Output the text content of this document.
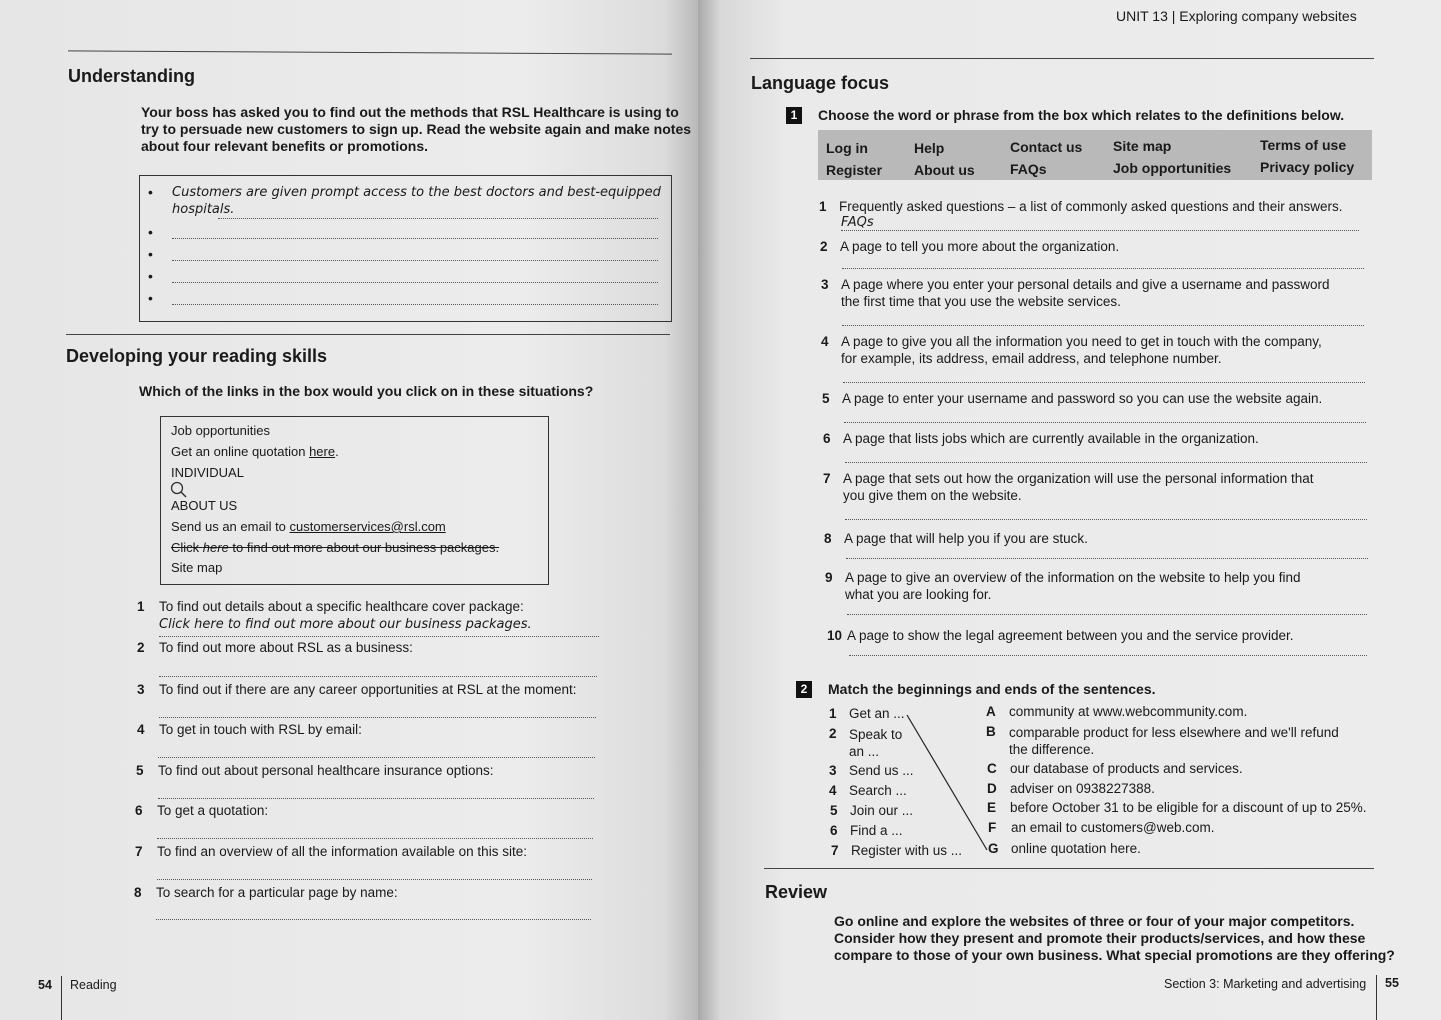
Understanding
Your boss has asked you to find out the methods that RSL Healthcare is using to
try to persuade new customers to sign up. Read the website again and make notes
about four relevant benefits or promotions.
• Customers are given prompt access to the best doctors and best-equipped
hospitals.
•
•
•
•
Developing your reading skills
Which of the links in the box would you click on in these situations?
Job opportunities
Get an online quotation here.
INDIVIDUAL
ABOUT US
Send us an email to customerservices@rsl.com
Click here to find out more about our business packages.
Site map
1 To find out details about a specific healthcare cover package:
Click here to find out more about our business packages.
2 To find out more about RSL as a business:
3 To find out if there are any career opportunities at RSL at the moment:
4 To get in touch with RSL by email:
5 To find out about personal healthcare insurance options:
6 To get a quotation:
7 To find an overview of all the information available on this site:
8 To search for a particular page by name:
54 Reading
UNIT 13 | Exploring company websites
Language focus
1	Choose the word or phrase from the box which relates to the definitions below.
Log in
Register
Help
About us
Contact us
FAQs
Site map
Job opportunities
Terms of use
Privacy policy
1 Frequently asked questions – a list of commonly asked questions and their answers.
FAQs
2 A page to tell you more about the organization.
3 A page where you enter your personal details and give a username and password
the first time that you use the website services.
4 A page to give you all the information you need to get in touch with the company,
for example, its address, email address, and telephone number.
5 A page to enter your username and password so you can use the website again.
6 A page that lists jobs which are currently available in the organization.
7 A page that sets out how the organization will use the personal information that
you give them on the website.
8 A page that will help you if you are stuck.
9 A page to give an overview of the information on the website to help you find
what you are looking for.
10 A page to show the legal agreement between you and the service provider.
2	Match the beginnings and ends of the sentences.
1 Get an ...
2 Speak to
an ...
3 Send us ...
4 Search ...
5 Join our ...
6 Find a ...
7 Register with us ...
A community at www.webcommunity.com.
B comparable product for less elsewhere and we'll refund
the difference.
C our database of products and services.
D adviser on 0938227388.
E before October 31 to be eligible for a discount of up to 25%.
F an email to customers@web.com.
G online quotation here.
Review
Go online and explore the websites of three or four of your major competitors.
Consider how they present and promote their products/services, and how these
compare to those of your own business. What special promotions are they offering?
Section 3: Marketing and advertising 55
